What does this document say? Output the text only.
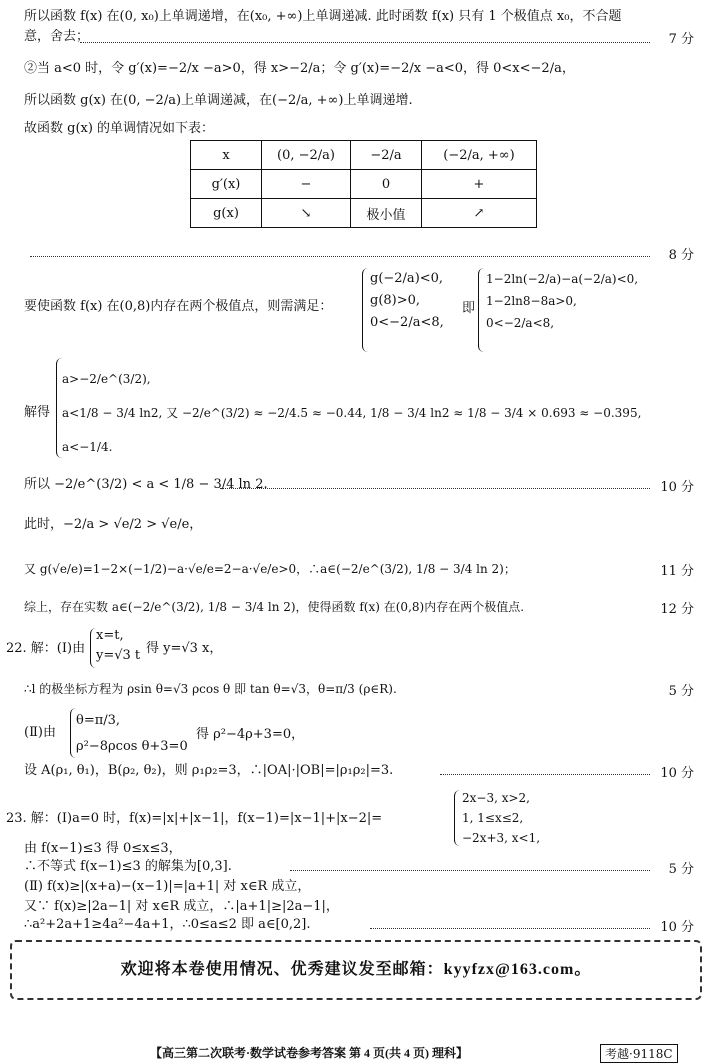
所以函数 f(x) 在(0, x₀)上单调递增，在(x₀, +∞)上单调递减. 此时函数 f(x) 只有 1 个极值点 x₀，不合题
意，舍去；	7 分
②当 a<0 时，令 g′(x)=−2/x −a>0，得 x>−2/a；令 g′(x)=−2/x −a<0，得 0<x<−2/a，
所以函数 g(x) 在(0, −2/a)上单调递减，在(−2/a, +∞)上单调递增.
故函数 g(x) 的单调情况如下表：
x	(0, −2/a)	−2/a	(−2/a, +∞)
g′(x)	−	0	+
g(x)	↘	极小值	↗
8 分
要使函数 f(x) 在(0,8)内存在两个极值点，则需满足：
g(−2/a)<0,
g(8)>0,
0<−2/a<8,
即
1−2ln(−2/a)−a(−2/a)<0,
1−2ln8−8a>0,
0<−2/a<8,
解得
a>−2/e^(3/2),
a<1/8 − 3/4 ln2, 又 −2/e^(3/2) ≈ −2/4.5 ≈ −0.44, 1/8 − 3/4 ln2 ≈ 1/8 − 3/4 × 0.693 ≈ −0.395,
a<−1/4.
所以 −2/e^(3/2) < a < 1/8 − 3/4 ln 2.	10 分
此时，−2/a > √e/2 > √e/e，
又 g(√e/e)=1−2×(−1/2)−a·√e/e=2−a·√e/e>0，∴a∈(−2/e^(3/2), 1/8 − 3/4 ln 2)；	11 分
综上，存在实数 a∈(−2/e^(3/2), 1/8 − 3/4 ln 2)，使得函数 f(x) 在(0,8)内存在两个极值点.	12 分
22. 解：(Ⅰ)由
x=t,
y=√3 t 得 y=√3 x，
∴l 的极坐标方程为 ρsin θ=√3 ρcos θ 即 tan θ=√3，θ=π/3 (ρ∈R).	5 分
(Ⅱ)由
θ=π/3,
ρ²−8ρcos θ+3=0
得 ρ²−4ρ+3=0，
设 A(ρ₁, θ₁)，B(ρ₂, θ₂)，则 ρ₁ρ₂=3，∴|OA|·|OB|=|ρ₁ρ₂|=3.	10 分
23. 解：(Ⅰ)a=0 时，f(x)=|x|+|x−1|，f(x−1)=|x−1|+|x−2|=
2x−3, x>2,
1, 1≤x≤2,
−2x+3, x<1,
由 f(x−1)≤3 得 0≤x≤3，
∴不等式 f(x−1)≤3 的解集为[0,3].	5 分
(Ⅱ) f(x)≥|(x+a)−(x−1)|=|a+1| 对 x∈R 成立，
又∵ f(x)≥|2a−1| 对 x∈R 成立，∴|a+1|≥|2a−1|，
∴a²+2a+1≥4a²−4a+1，∴0≤a≤2 即 a∈[0,2].	10 分
欢迎将本卷使用情况、优秀建议发至邮箱：kyyfzx@163.com。
【高三第二次联考·数学试卷参考答案 第 4 页(共 4 页) 理科】	考越·9118C
